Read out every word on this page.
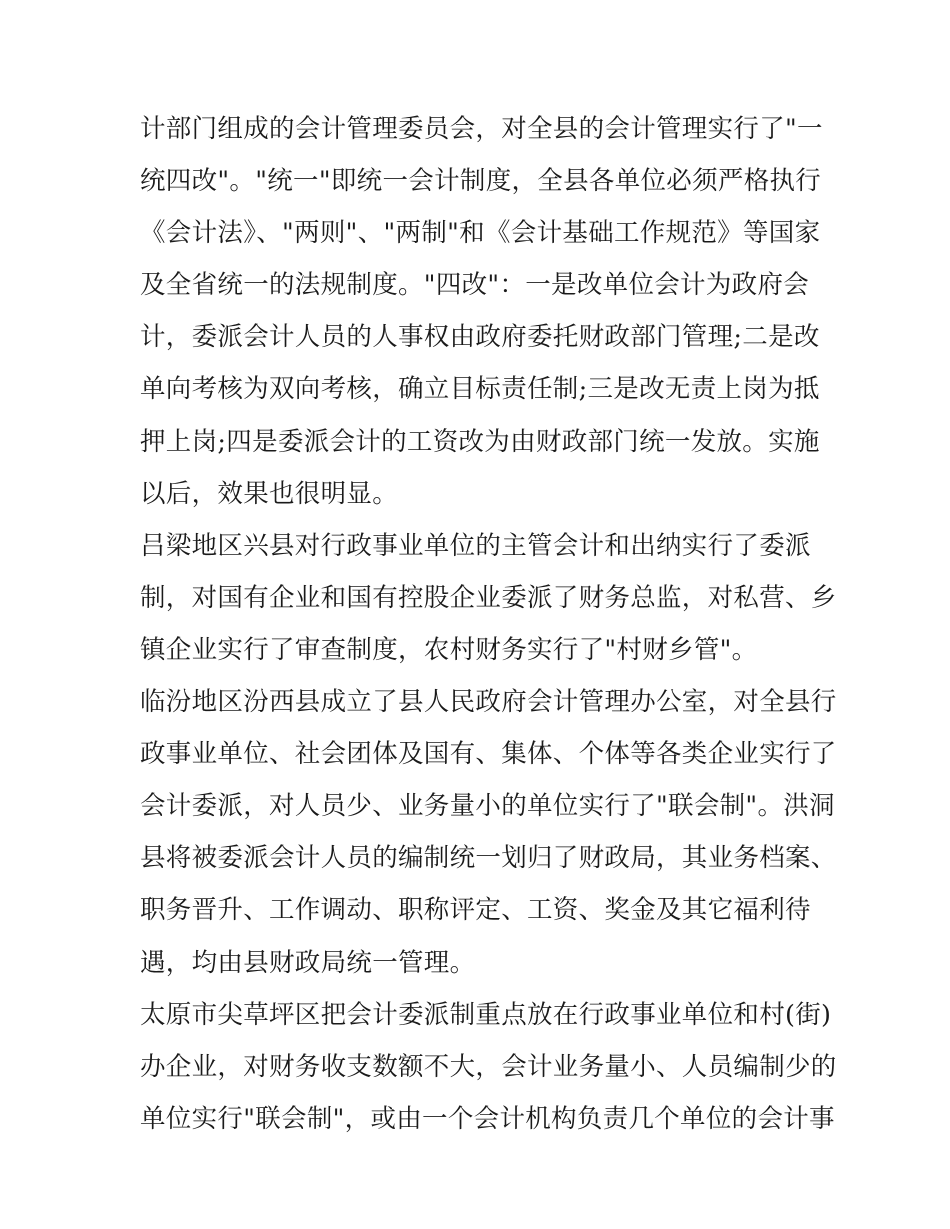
计部门组成的会计管理委员会，对全县的会计管理实行了"一
统四改"。"统一"即统一会计制度，全县各单位必须严格执行
《会计法》、"两则"、"两制"和《会计基础工作规范》等国家
及全省统一的法规制度。"四改"：一是改单位会计为政府会
计，委派会计人员的人事权由政府委托财政部门管理;二是改
单向考核为双向考核，确立目标责任制;三是改无责上岗为抵
押上岗;四是委派会计的工资改为由财政部门统一发放。实施
以后，效果也很明显。
吕梁地区兴县对行政事业单位的主管会计和出纳实行了委派
制，对国有企业和国有控股企业委派了财务总监，对私营、乡
镇企业实行了审查制度，农村财务实行了"村财乡管"。
临汾地区汾西县成立了县人民政府会计管理办公室，对全县行
政事业单位、社会团体及国有、集体、个体等各类企业实行了
会计委派，对人员少、业务量小的单位实行了"联会制"。洪洞
县将被委派会计人员的编制统一划归了财政局，其业务档案、
职务晋升、工作调动、职称评定、工资、奖金及其它福利待
遇，均由县财政局统一管理。
太原市尖草坪区把会计委派制重点放在行政事业单位和村(街)
办企业，对财务收支数额不大，会计业务量小、人员编制少的
单位实行"联会制"，或由一个会计机构负责几个单位的会计事
